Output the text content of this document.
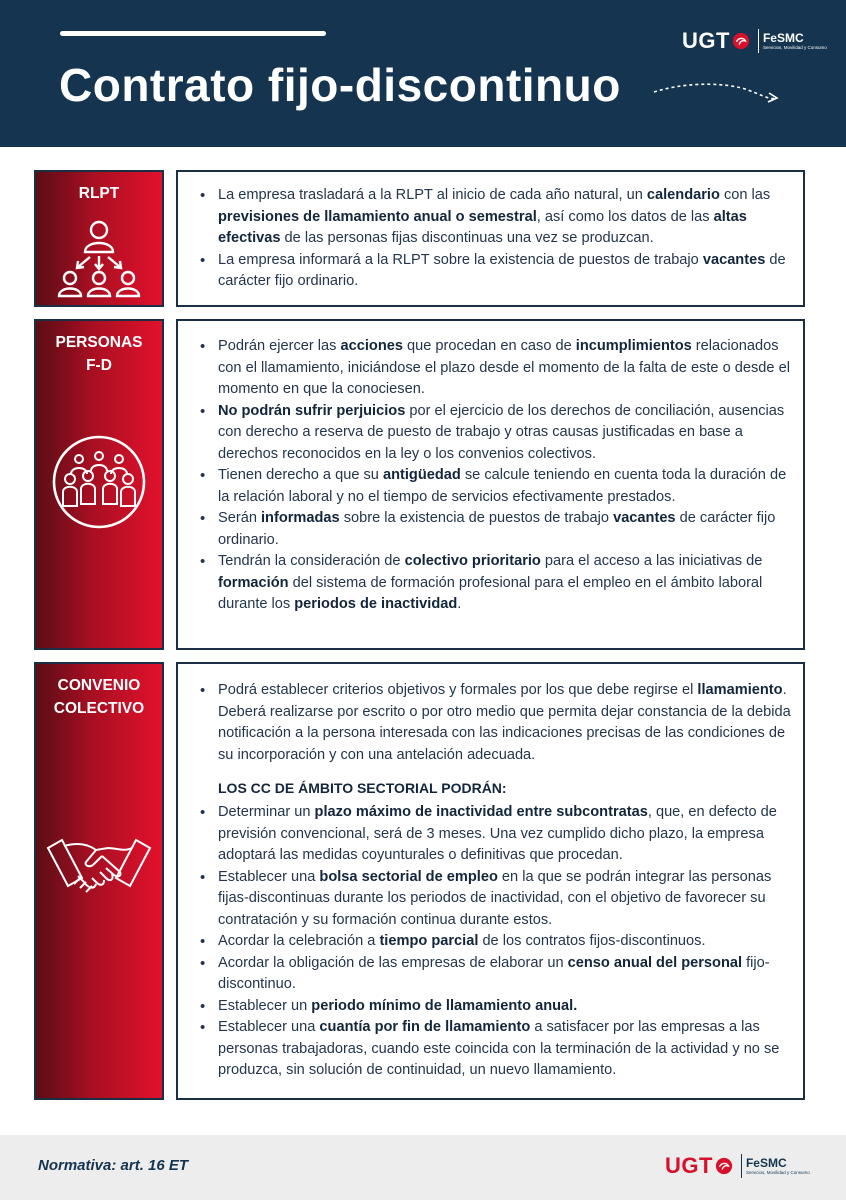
Contrato fijo-discontinuo
UGT	FeSMC
Servicios, Movilidad y Consumo
RLPT
•	La empresa trasladará a la RLPT al inicio de cada año natural, un calendario con las previsiones de llamamiento anual o semestral, así como los datos de las altas efectivas de las personas fijas discontinuas una vez se produzcan.
• La empresa informará a la RLPT sobre la existencia de puestos de trabajo vacantes de carácter fijo ordinario.
PERSONAS
F-D
• Podrán ejercer las acciones que procedan en caso de incumplimientos relacionados con el llamamiento, iniciándose el plazo desde el momento de la falta de este o desde el momento en que la conociesen.
• No podrán sufrir perjuicios por el ejercicio de los derechos de conciliación, ausencias con derecho a reserva de puesto de trabajo y otras causas justificadas en base a derechos reconocidos en la ley o los convenios colectivos.
• Tienen derecho a que su antigüedad se calcule teniendo en cuenta toda la duración de la relación laboral y no el tiempo de servicios efectivamente prestados.
• Serán informadas sobre la existencia de puestos de trabajo vacantes de carácter fijo ordinario.
• Tendrán la consideración de colectivo prioritario para el acceso a las iniciativas de formación del sistema de formación profesional para el empleo en el ámbito laboral durante los periodos de inactividad.
CONVENIO
COLECTIVO
• Podrá establecer criterios objetivos y formales por los que debe regirse el llamamiento. Deberá realizarse por escrito o por otro medio que permita dejar constancia de la debida notificación a la persona interesada con las indicaciones precisas de las condiciones de su incorporación y con una antelación adecuada.
LOS CC DE ÁMBITO SECTORIAL PODRÁN:
• Determinar un plazo máximo de inactividad entre subcontratas, que, en defecto de previsión convencional, será de 3 meses. Una vez cumplido dicho plazo, la empresa adoptará las medidas coyunturales o definitivas que procedan.
• Establecer una bolsa sectorial de empleo en la que se podrán integrar las personas fijas-discontinuas durante los periodos de inactividad, con el objetivo de favorecer su contratación y su formación continua durante estos.
• Acordar la celebración a tiempo parcial de los contratos fijos-discontinuos.
• Acordar la obligación de las empresas de elaborar un censo anual del personal fijo-discontinuo.
• Establecer un periodo mínimo de llamamiento anual.
• Establecer una cuantía por fin de llamamiento a satisfacer por las empresas a las personas trabajadoras, cuando este coincida con la terminación de la actividad y no se produzca, sin solución de continuidad, un nuevo llamamiento.
Normativa: art. 16 ET	UGT	FeSMC
Servicios, Movilidad y Consumo
